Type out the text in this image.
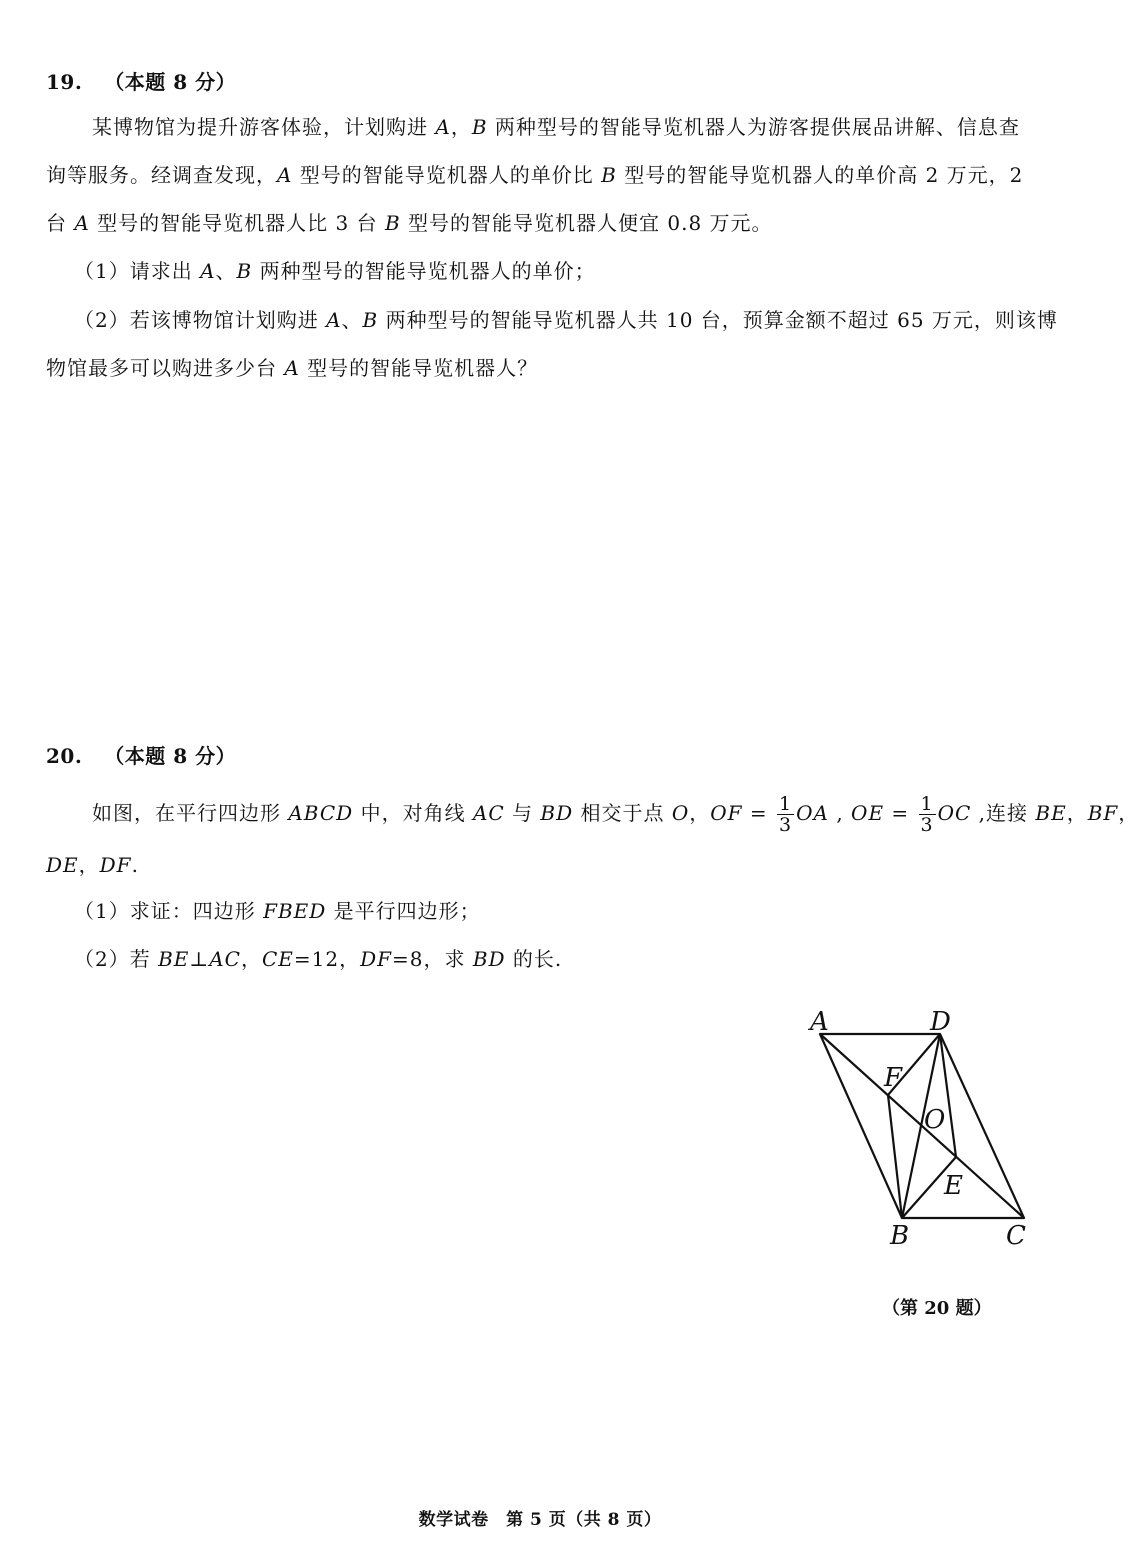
19. （本题 8 分）
某博物馆为提升游客体验，计划购进 A，B 两种型号的智能导览机器人为游客提供展品讲解、信息查
询等服务。经调查发现，A 型号的智能导览机器人的单价比 B 型号的智能导览机器人的单价高 2 万元，2
台 A 型号的智能导览机器人比 3 台 B 型号的智能导览机器人便宜 0.8 万元。
（1）请求出 A、B 两种型号的智能导览机器人的单价；
（2）若该博物馆计划购进 A、B 两种型号的智能导览机器人共 10 台，预算金额不超过 65 万元，则该博
物馆最多可以购进多少台 A 型号的智能导览机器人？
20. （本题 8 分）
如图，在平行四边形 ABCD 中，对角线 AC 与 BD 相交于点 O，OF = $\frac{1}{3}$ OA , OE = $\frac{1}{3}$ OC ,连接 BE，BF，
DE，DF.
（1）求证：四边形 FBED 是平行四边形；
（2）若 BE⊥AC，CE=12，DF=8，求 BD 的长.
A	D
F
O
E
B	C
（第 20 题）
数学试卷　第 5 页（共 8 页）
